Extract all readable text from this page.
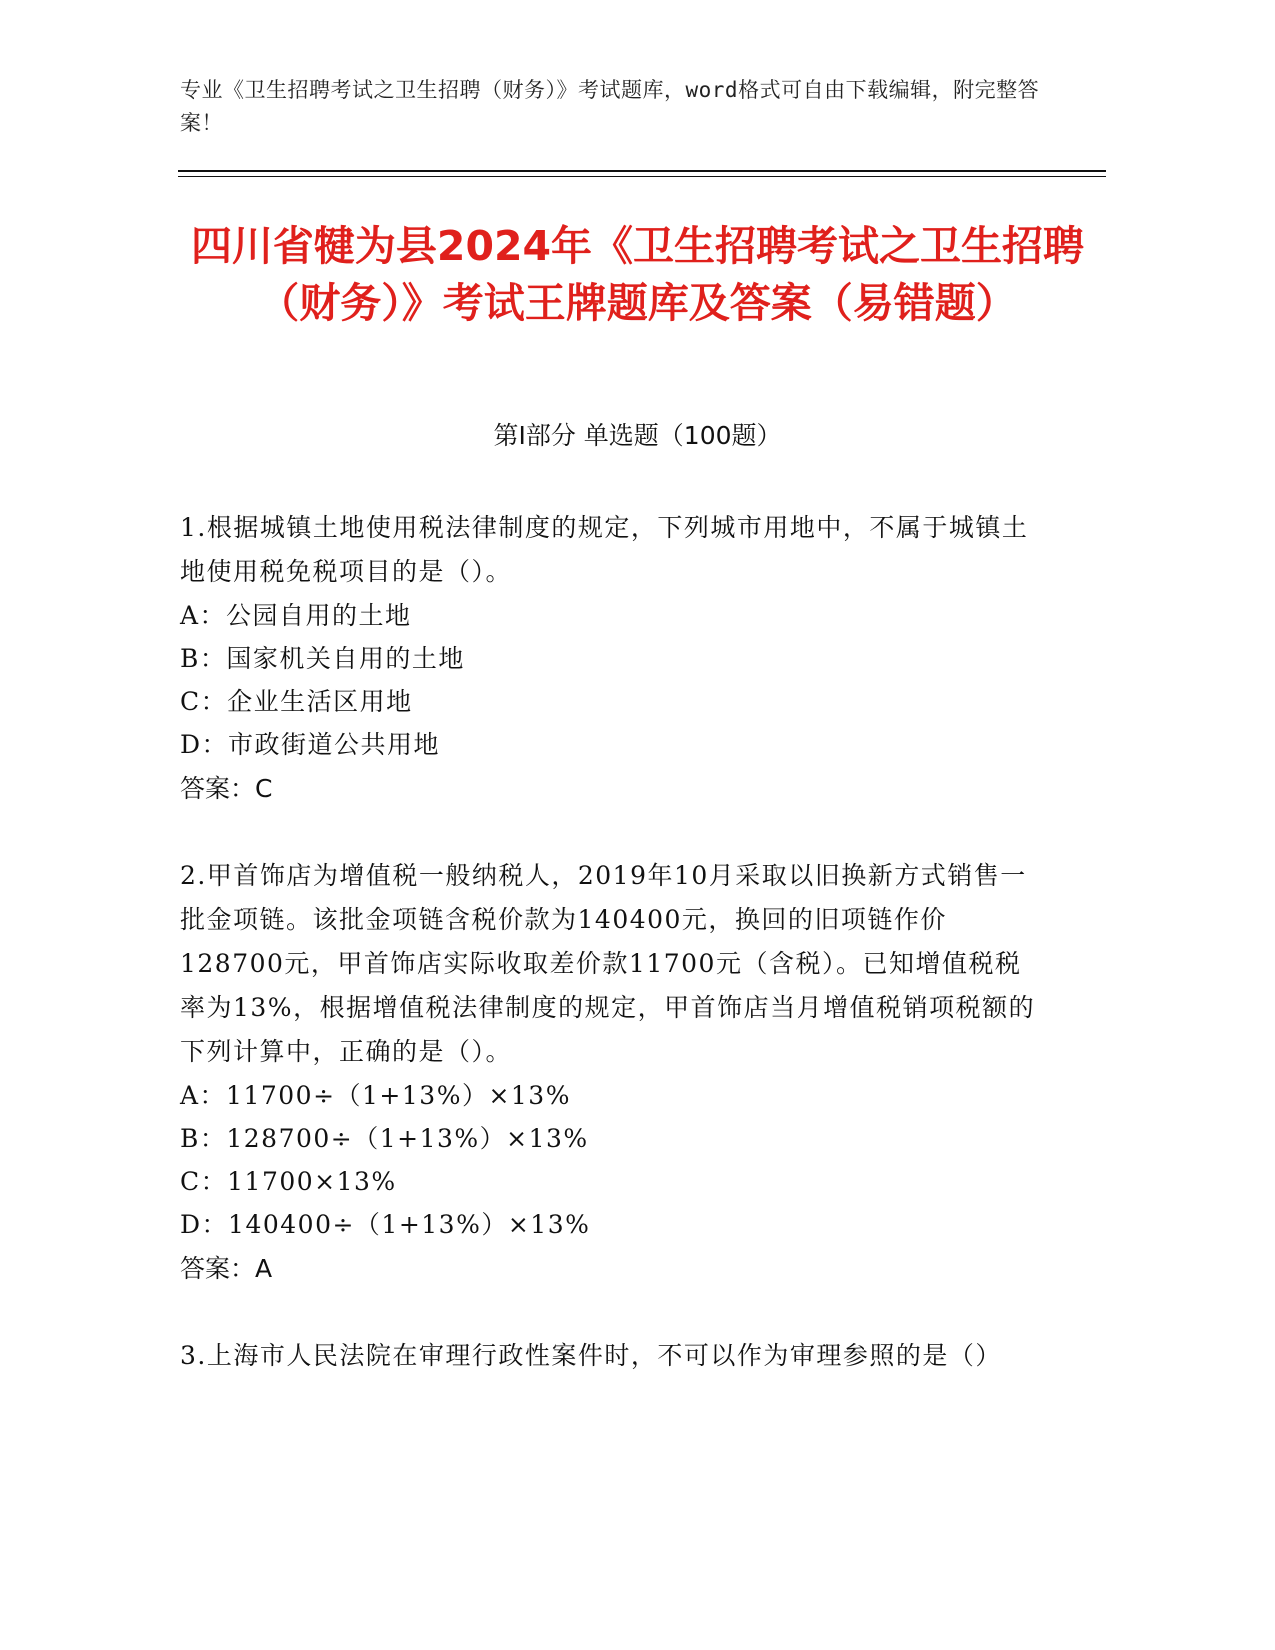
专业《卫生招聘考试之卫生招聘（财务）》考试题库，word格式可自由下载编辑，附完整答案！
四川省犍为县2024年《卫生招聘考试之卫生招聘（财务）》考试王牌题库及答案（易错题）
第Ⅰ部分 单选题（100题）

1.根据城镇土地使用税法律制度的规定，下列城市用地中，不属于城镇土地使用税免税项目的是（）。

A：公园自用的土地

B：国家机关自用的土地

C：企业生活区用地

D：市政街道公共用地

答案：C

2.甲首饰店为增值税一般纳税人，2019年10月采取以旧换新方式销售一批金项链。该批金项链含税价款为140400元，换回的旧项链作价128700元，甲首饰店实际收取差价款11700元（含税）。已知增值税税率为13%，根据增值税法律制度的规定，甲首饰店当月增值税销项税额的下列计算中，正确的是（）。

A：11700÷（1+13%）×13%

B：128700÷（1+13%）×13%

C：11700×13%

D：140400÷（1+13%）×13%

答案：A

3.上海市人民法院在审理行政性案件时，不可以作为审理参照的是（）
